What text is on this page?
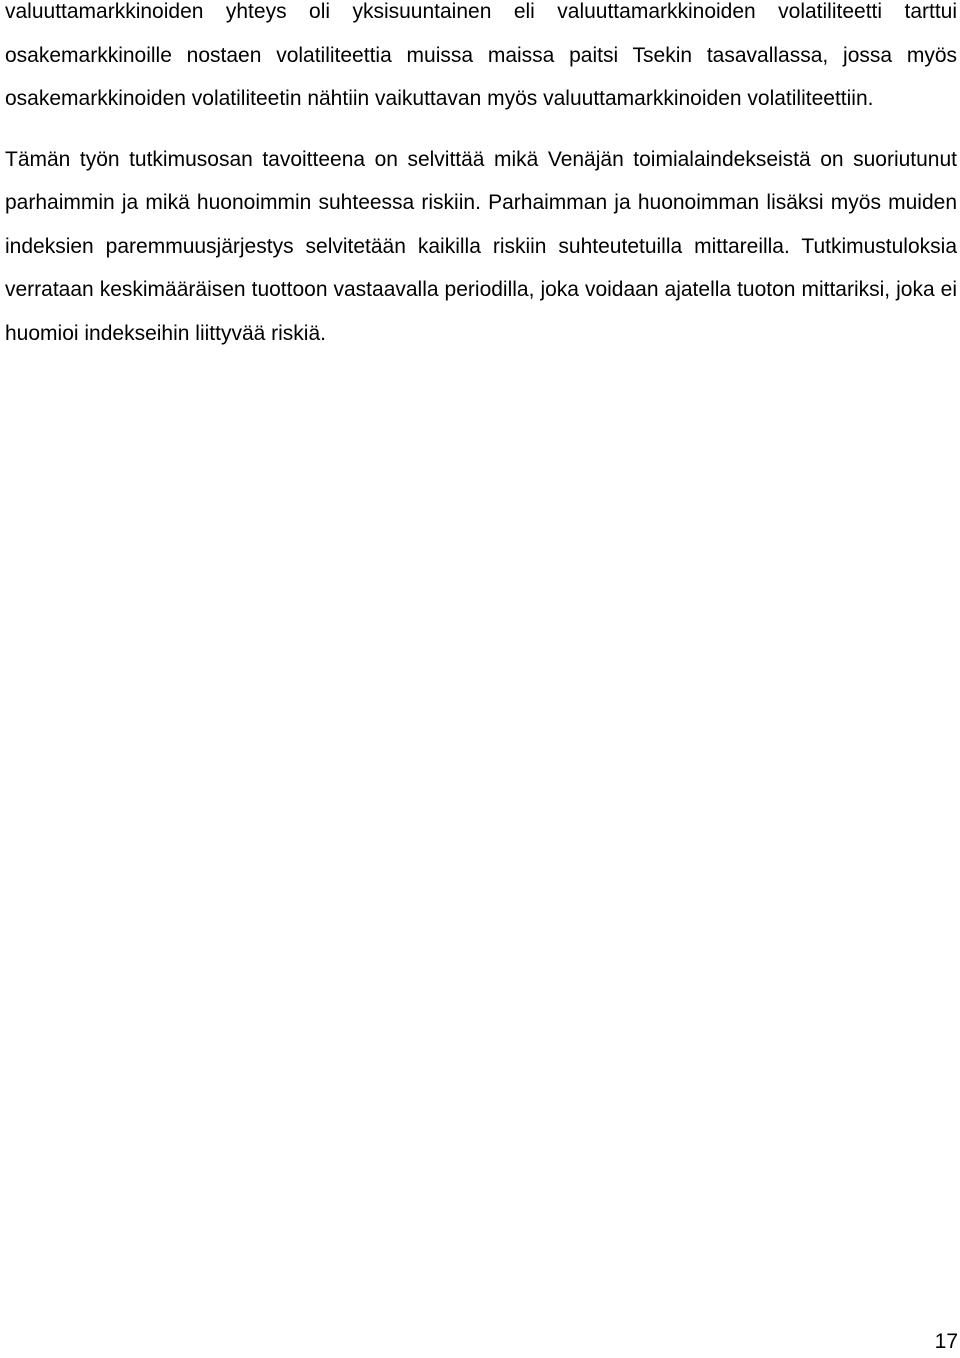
valuuttamarkkinoiden yhteys oli yksisuuntainen eli valuuttamarkkinoiden volatiliteetti tarttui osakemarkkinoille nostaen volatiliteettia muissa maissa paitsi Tsekin tasavallassa, jossa myös osakemarkkinoiden volatiliteetin nähtiin vaikuttavan myös valuuttamarkkinoiden volatiliteettiin.

Tämän työn tutkimusosan tavoitteena on selvittää mikä Venäjän toimialaindekseistä on suoriutunut parhaimmin ja mikä huonoimmin suhteessa riskiin. Parhaimman ja huonoimman lisäksi myös muiden indeksien paremmuusjärjestys selvitetään kaikilla riskiin suhteutetuilla mittareilla. Tutkimustuloksia verrataan keskimääräisen tuottoon vastaavalla periodilla, joka voidaan ajatella tuoton mittariksi, joka ei huomioi indekseihin liittyvää riskiä.

17
